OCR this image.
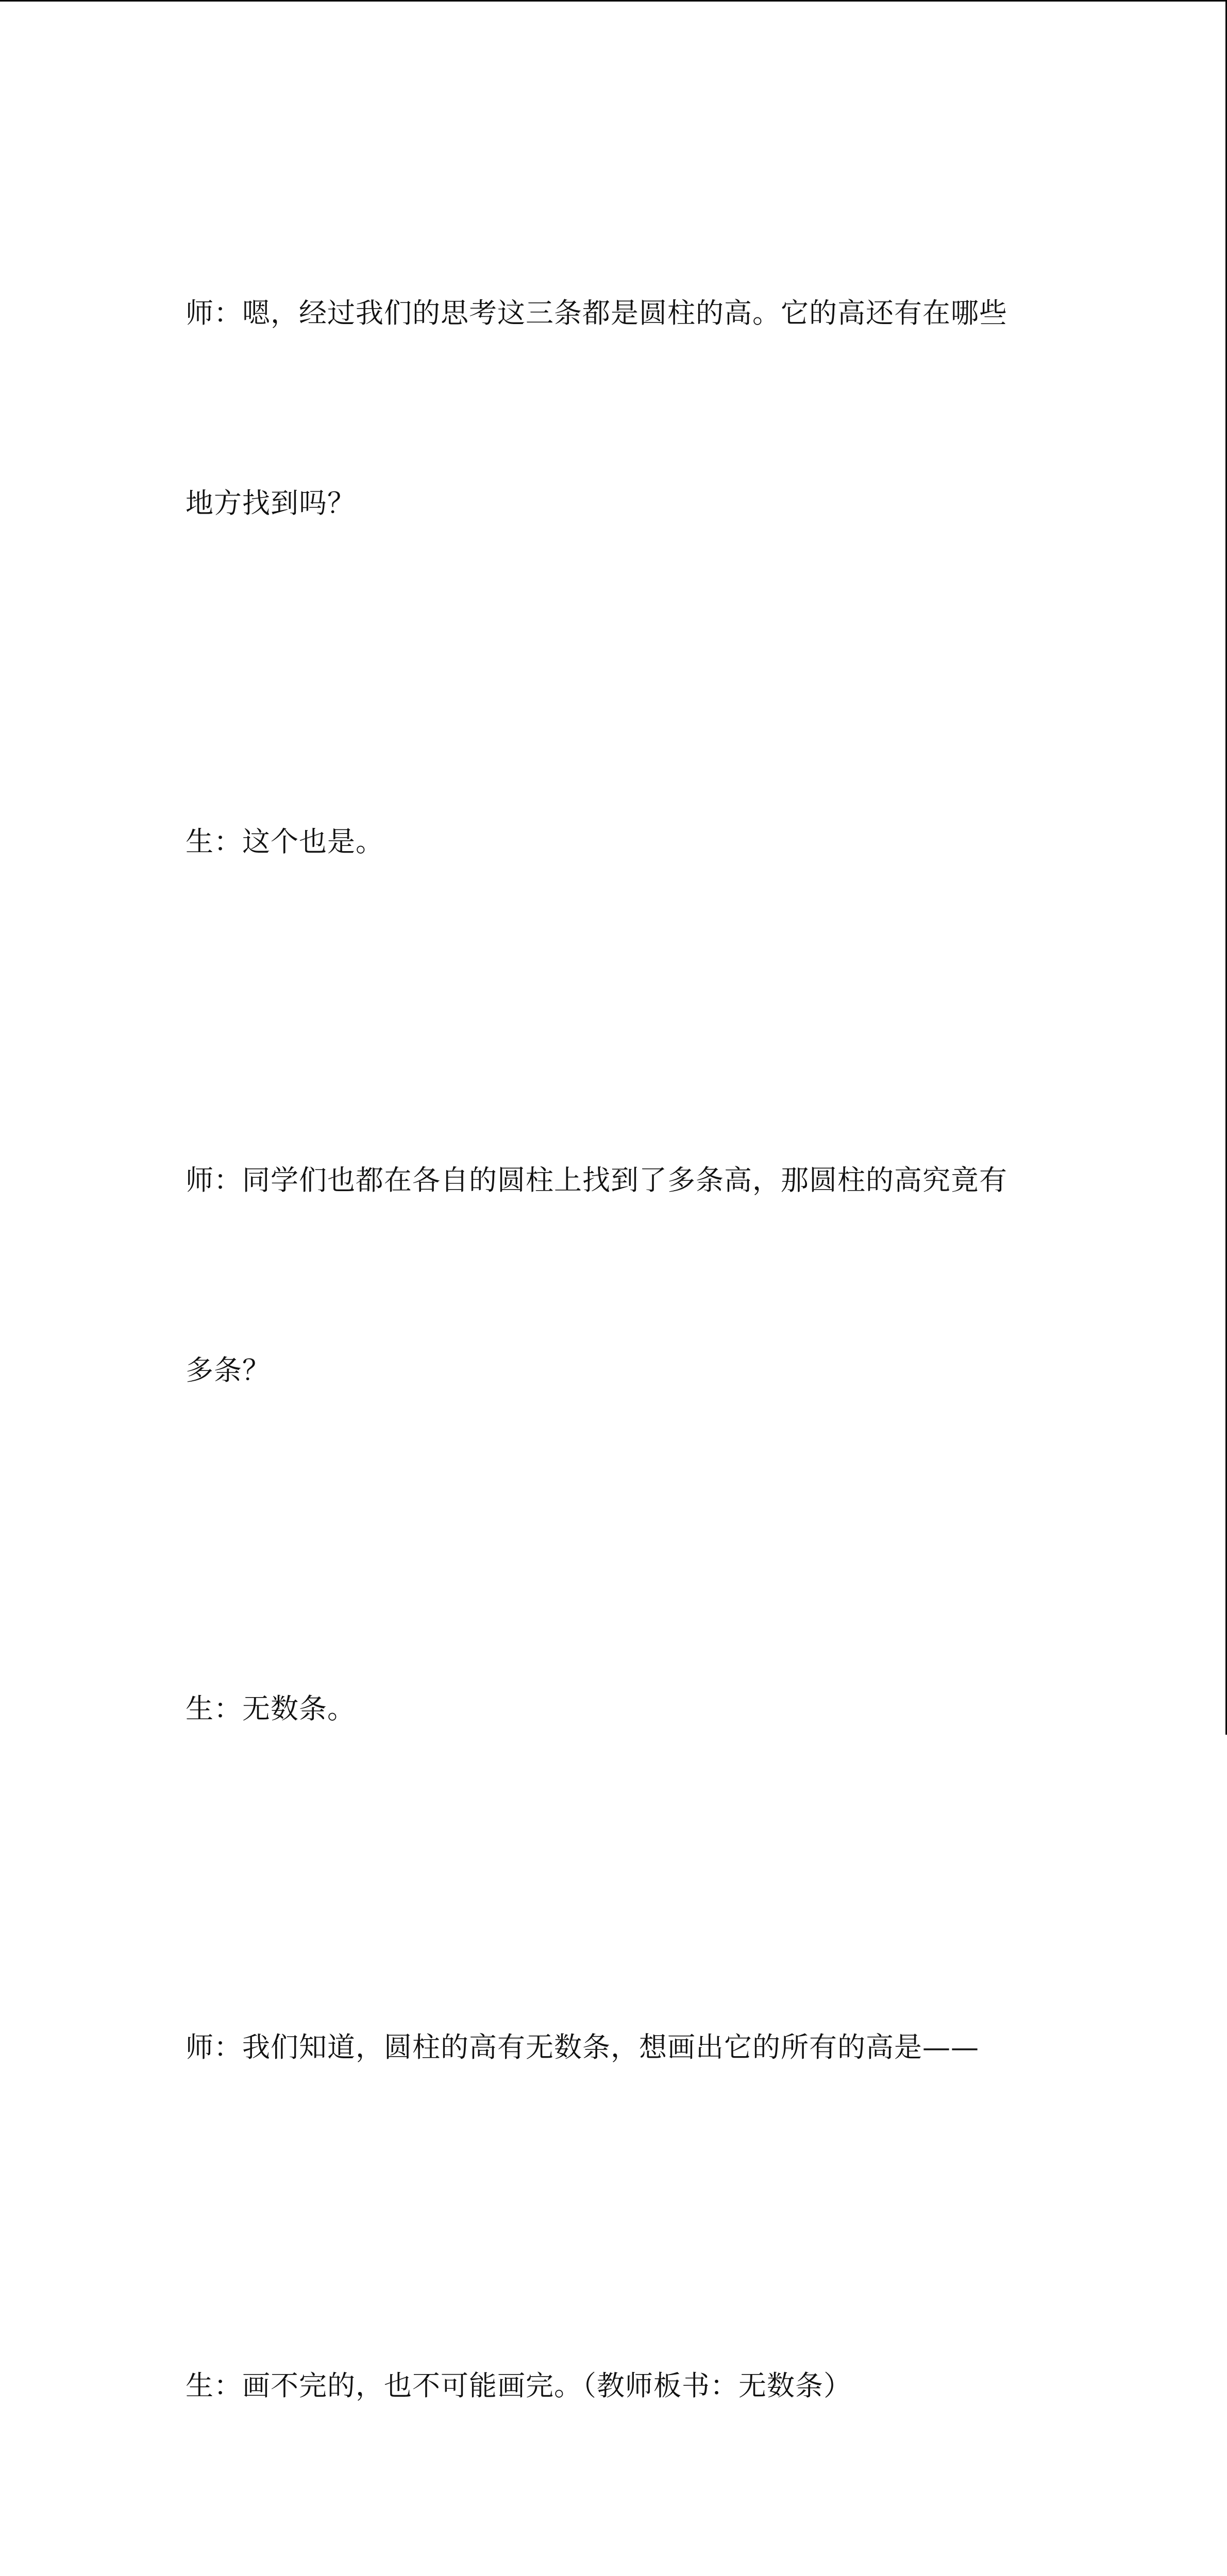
师：嗯，经过我们的思考这三条都是圆柱的高。它的高还有在哪些

地方找到吗？

生：这个也是。

师：同学们也都在各自的圆柱上找到了多条高，那圆柱的高究竟有

多条？

生：无数条。

师：我们知道，圆柱的高有无数条，想画出它的所有的高是——

生：画不完的，也不可能画完。（教师板书：无数条）
